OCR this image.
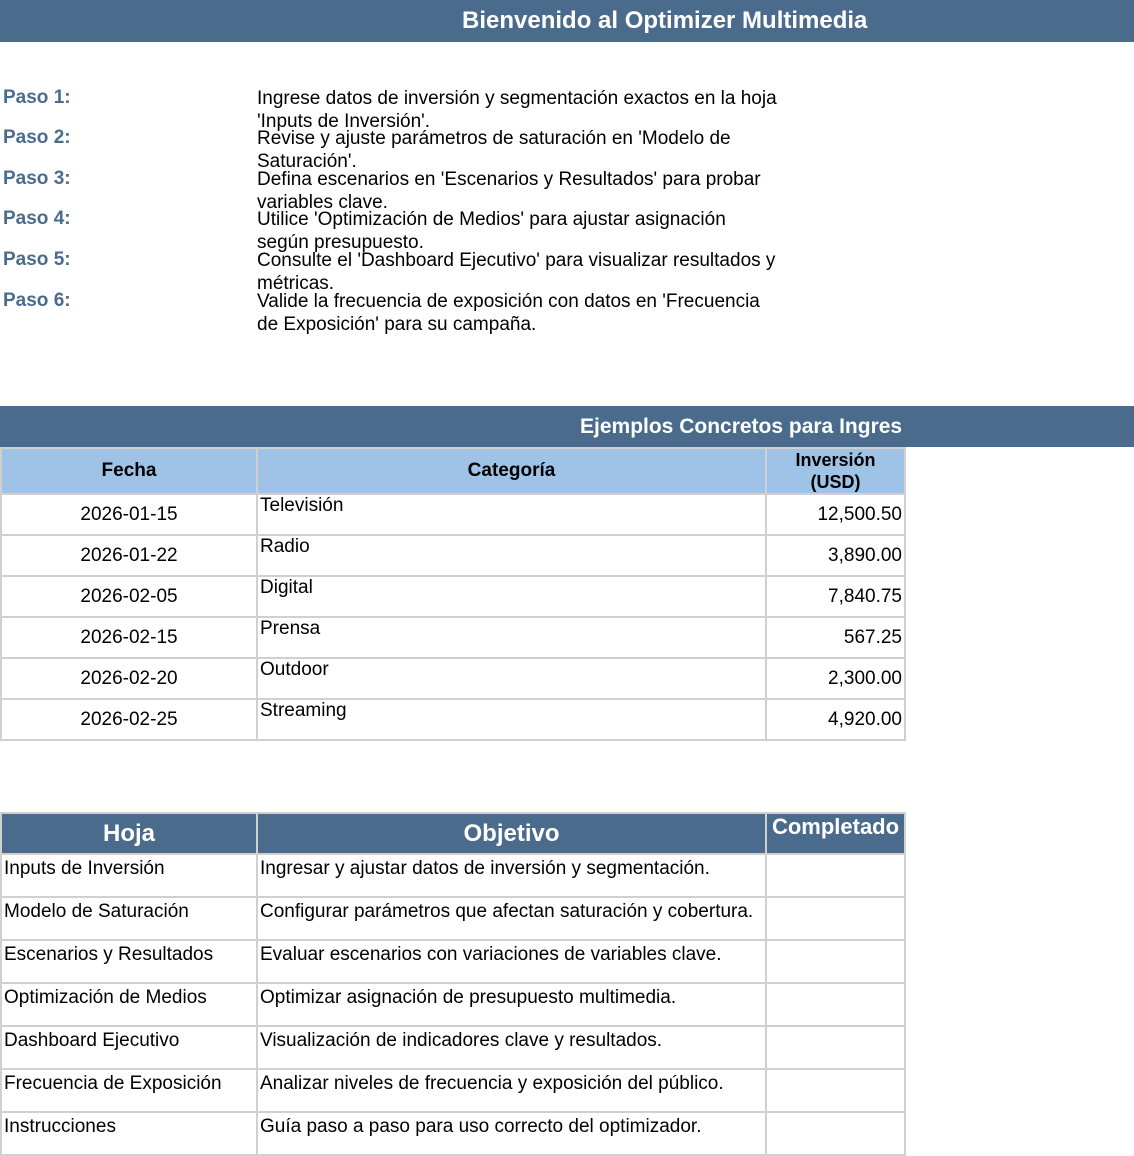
Bienvenido al Optimizer Multimedia
Paso 1:	Ingrese datos de inversión y segmentación exactos en la hoja 'Inputs de Inversión'.
Paso 2:	Revise y ajuste parámetros de saturación en 'Modelo de Saturación'.
Paso 3:	Defina escenarios en 'Escenarios y Resultados' para probar variables clave.
Paso 4:	Utilice 'Optimización de Medios' para ajustar asignación según presupuesto.
Paso 5:	Consulte el 'Dashboard Ejecutivo' para visualizar resultados y métricas.
Paso 6:	Valide la frecuencia de exposición con datos en 'Frecuencia de Exposición' para su campaña.
Ejemplos Concretos para Ingres
Fecha	Categoría	Inversión (USD)
2026-01-15	Televisión	12,500.50
2026-01-22	Radio	3,890.00
2026-02-05	Digital	7,840.75
2026-02-15	Prensa	567.25
2026-02-20	Outdoor	2,300.00
2026-02-25	Streaming	4,920.00
Hoja	Objetivo	Completado
Inputs de Inversión	Ingresar y ajustar datos de inversión y segmentación.	

Modelo de Saturación	Configurar parámetros que afectan saturación y cobertura.	

Escenarios y Resultados	Evaluar escenarios con variaciones de variables clave.	

Optimización de Medios	Optimizar asignación de presupuesto multimedia.	

Dashboard Ejecutivo	Visualización de indicadores clave y resultados.	

Frecuencia de Exposición	Analizar niveles de frecuencia y exposición del público.	

Instrucciones	Guía paso a paso para uso correcto del optimizador.	
